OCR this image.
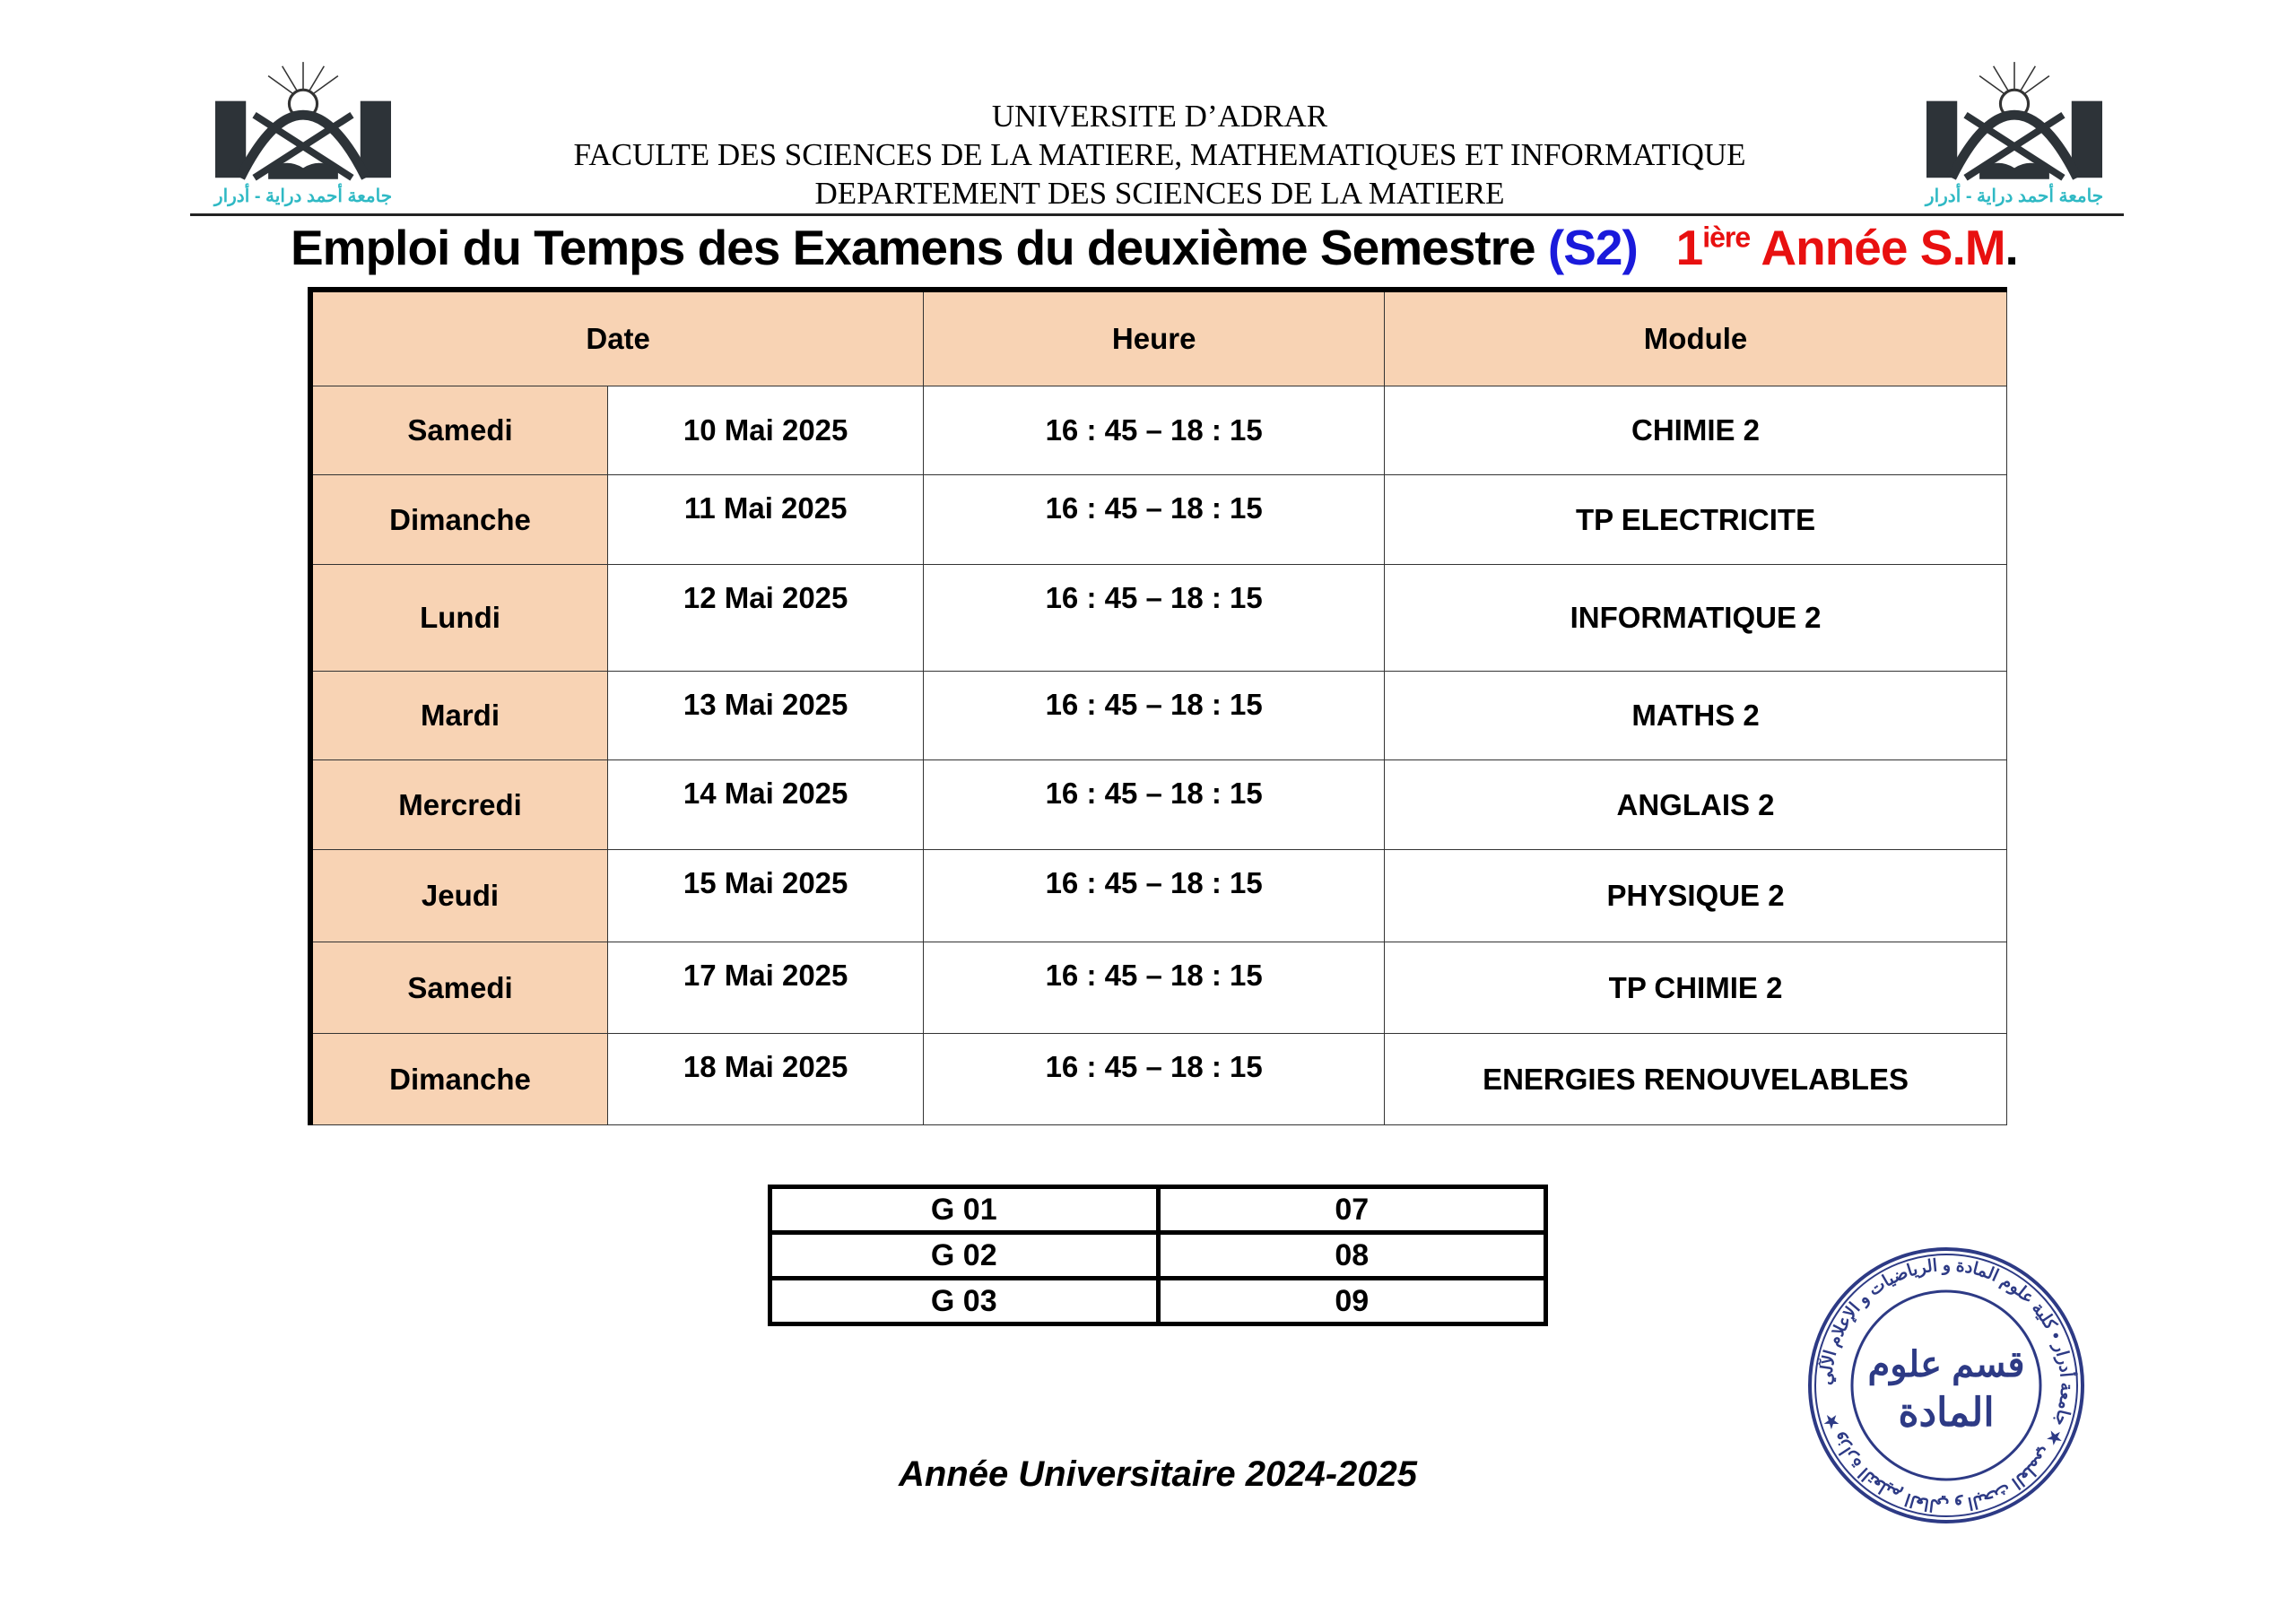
جامعة أحمد دراية - أدرار	جامعة أحمد دراية - أدرار
UNIVERSITE D’ADRAR
FACULTE DES SCIENCES DE LA MATIERE, MATHEMATIQUES ET INFORMATIQUE
DEPARTEMENT DES SCIENCES DE LA MATIERE
Emploi du Temps des Examens du deuxième Semestre (S2) $1^{ière}$ Année S.M.
Date		Heure	Module
Samedi	10 Mai 2025	16 : 45 – 18 : 15	CHIMIE 2
Dimanche	11 Mai 2025	16 : 45 – 18 : 15	TP ELECTRICITE
Lundi	12 Mai 2025	16 : 45 – 18 : 15	INFORMATIQUE 2
Mardi	13 Mai 2025	16 : 45 – 18 : 15	MATHS 2
Mercredi	14 Mai 2025	16 : 45 – 18 : 15	ANGLAIS 2
Jeudi	15 Mai 2025	16 : 45 – 18 : 15	PHYSIQUE 2
Samedi	17 Mai 2025	16 : 45 – 18 : 15	TP CHIMIE 2
Dimanche	18 Mai 2025	16 : 45 – 18 : 15	ENERGIES RENOUVELABLES
G 01	07
G 02	08
G 03	09
Année Universitaire 2024-2025
وزارة التعليم العالي و البحث العلمي ★ جامعة أدرار • كلية علوم المادة و الرياضيات و الإعلام الآلي ★
قسم علوم
المادة
